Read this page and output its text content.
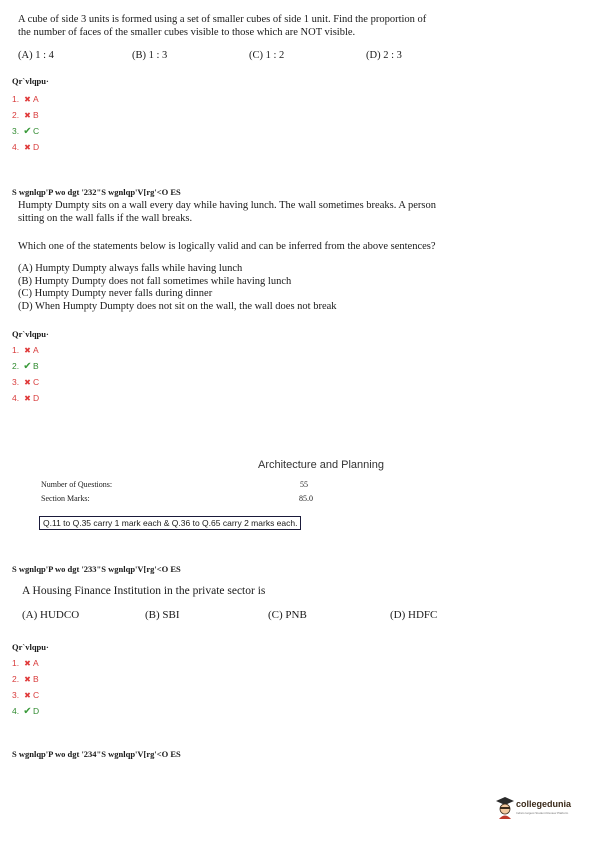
A cube of side 3 units is formed using a set of smaller cubes of side 1 unit. Find the proportion of
the number of faces of the smaller cubes visible to those which are NOT visible.
(A) 1 : 4	(B) 1 : 3	(C) 1 : 2	(D) 2 : 3
Qr`vlqpu·
1. ✖ A
2. ✖ B
3. ✔ C
4. ✖ D
S wgnlqp'P wo dgt '232"S wgnlqp'V[rg'<O ES
Humpty Dumpty sits on a wall every day while having lunch. The wall sometimes breaks. A person
sitting on the wall falls if the wall breaks.
Which one of the statements below is logically valid and can be inferred from the above sentences?
(A) Humpty Dumpty always falls while having lunch
(B) Humpty Dumpty does not fall sometimes while having lunch
(C) Humpty Dumpty never falls during dinner
(D) When Humpty Dumpty does not sit on the wall, the wall does not break
Qr`vlqpu·
1. ✖ A
2. ✔ B
3. ✖ C
4. ✖ D
Architecture and Planning
Number of Questions:	55
Section Marks:	85.0
Q.11 to Q.35 carry 1 mark each & Q.36 to Q.65 carry 2 marks each.
S wgnlqp'P wo dgt '233"S wgnlqp'V[rg'<O ES
A Housing Finance Institution in the private sector is
(A) HUDCO	(B) SBI	(C) PNB	(D) HDFC
Qr`vlqpu·
1. ✖ A
2. ✖ B
3. ✖ C
4. ✔ D
S wgnlqp'P wo dgt '234"S wgnlqp'V[rg'<O ES
collegedunia
India's largest Student Review Platform
